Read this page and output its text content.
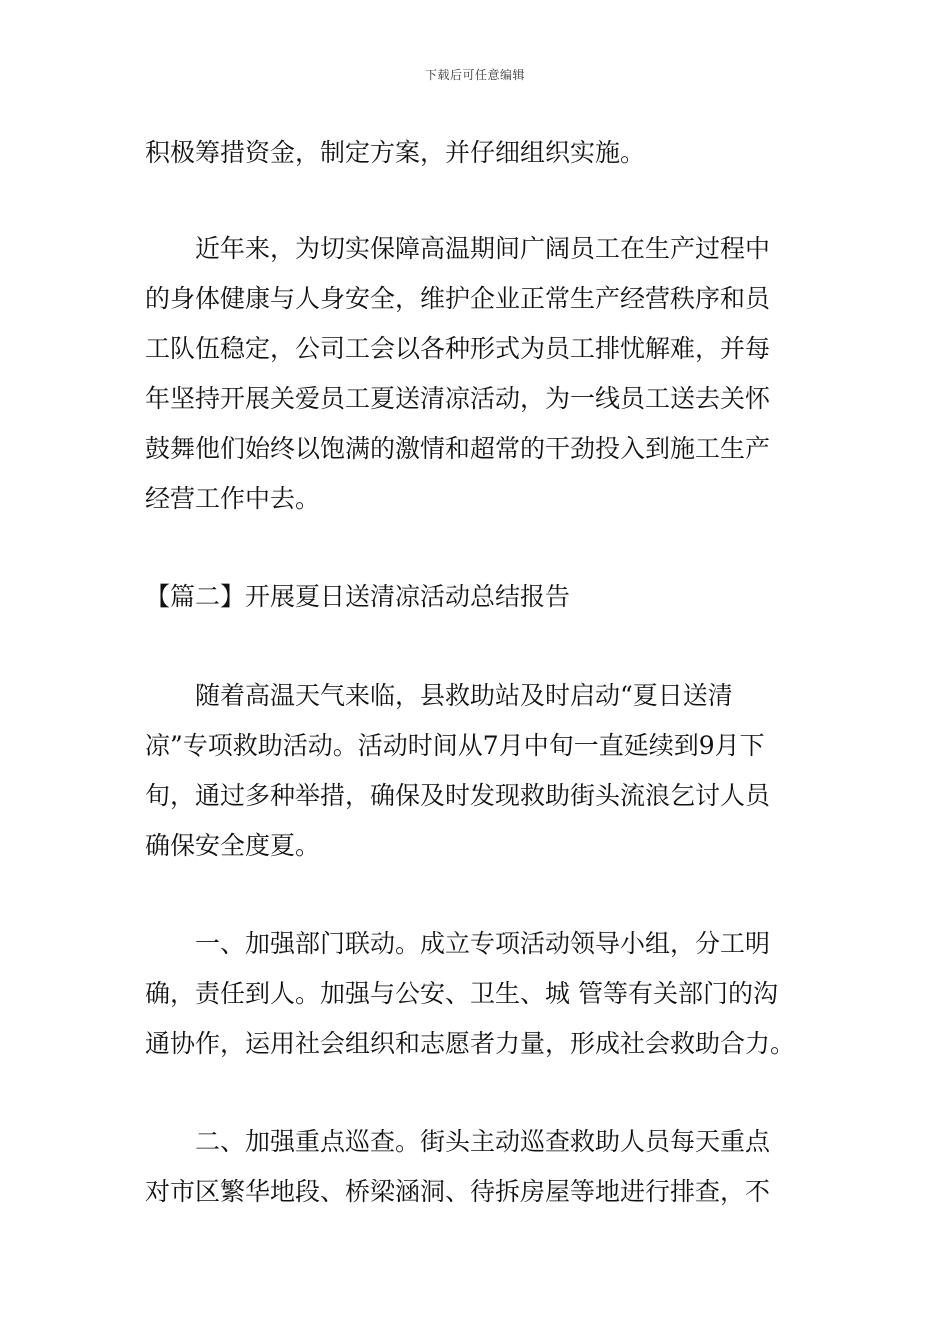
下载后可任意编辑
积极筹措资金，制定方案，并仔细组织实施。
近年来，为切实保障高温期间广阔员工在生产过程中
的身体健康与人身安全，维护企业正常生产经营秩序和员
工队伍稳定，公司工会以各种形式为员工排忧解难，并每
年坚持开展关爱员工夏送清凉活动，为一线员工送去关怀
鼓舞他们始终以饱满的激情和超常的干劲投入到施工生产
经营工作中去。
【篇二】开展夏日送清凉活动总结报告
随着高温天气来临，县救助站及时启动“夏日送清
凉”专项救助活动。活动时间从7月中旬一直延续到9月下
旬，通过多种举措，确保及时发现救助街头流浪乞讨人员
确保安全度夏。
一、加强部门联动。成立专项活动领导小组，分工明
确，责任到人。加强与公安、卫生、城 管等有关部门的沟
通协作，运用社会组织和志愿者力量，形成社会救助合力。
二、加强重点巡查。街头主动巡查救助人员每天重点
对市区繁华地段、桥梁涵洞、待拆房屋等地进行排查，不
